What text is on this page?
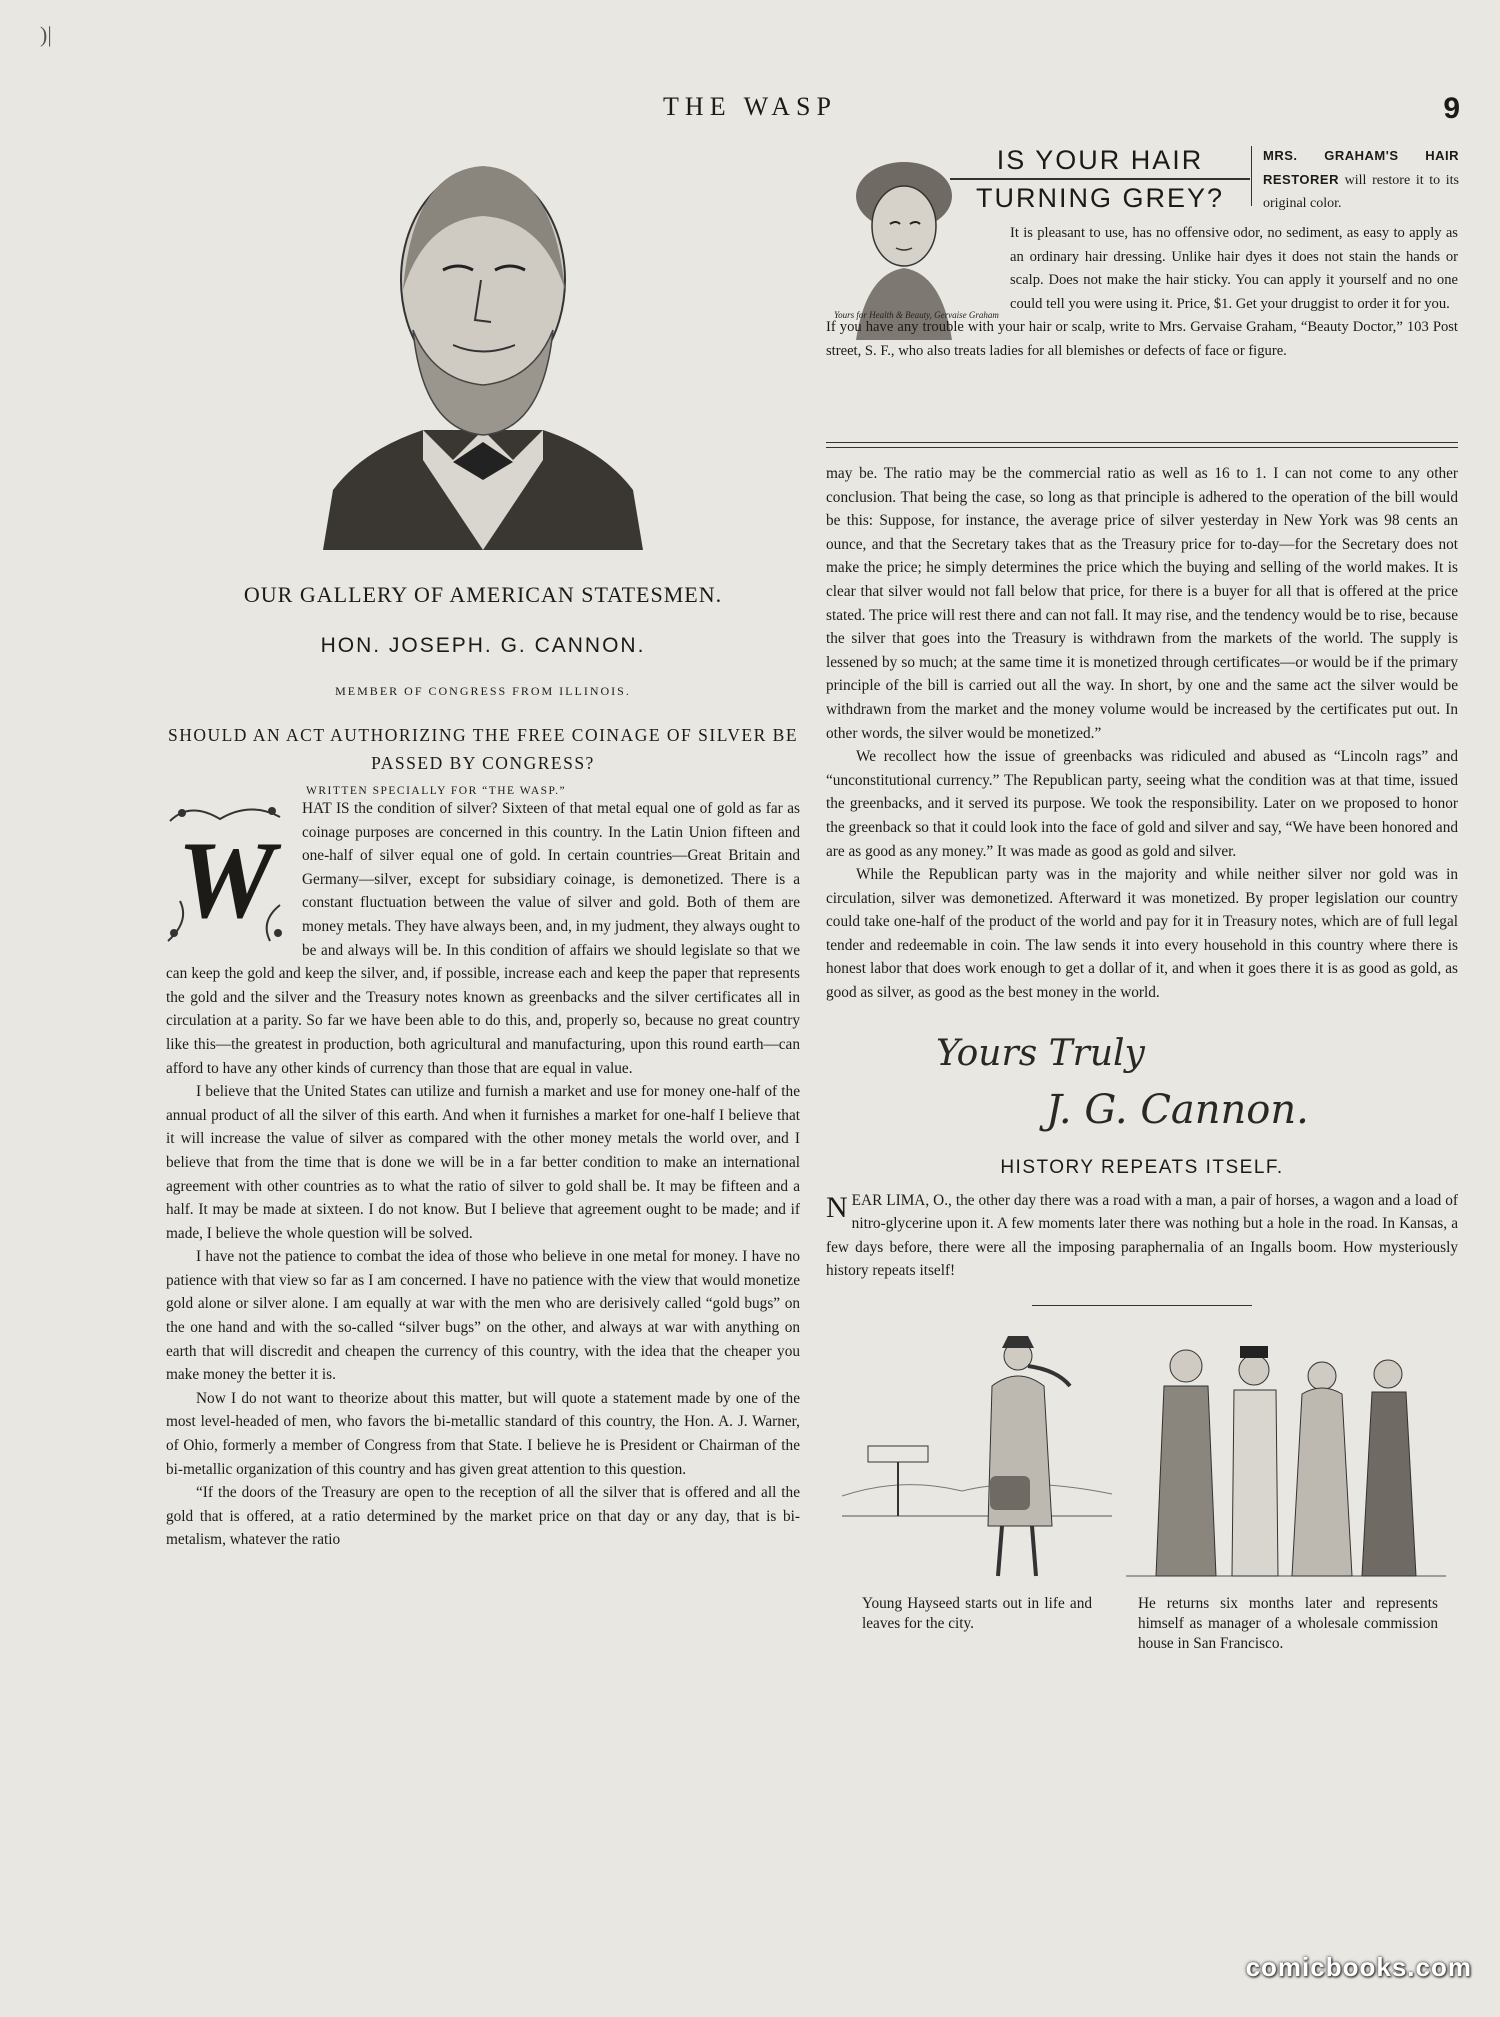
)|
THE WASP	9
OUR GALLERY OF AMERICAN STATESMEN.
HON. JOSEPH. G. CANNON.
MEMBER OF CONGRESS FROM ILLINOIS.
SHOULD AN ACT AUTHORIZING THE FREE COINAGE OF SILVER BE PASSED BY CONGRESS?
WRITTEN SPECIALLY FOR “THE WASP.”
W

HAT IS the condition of silver? Sixteen of that metal equal one of gold as far as coinage purposes are concerned in this country. In the Latin Union fifteen and one-half of silver equal one of gold. In certain countries—Great Britain and Germany—silver, except for subsidiary coinage, is demonetized. There is a constant fluctuation between the value of silver and gold. Both of them are money metals. They have always been, and, in my judment, they always ought to be and always will be. In this condition of affairs we should legislate so that we can keep the gold and keep the silver, and, if possible, increase each and keep the paper that represents the gold and the silver and the Treasury notes known as greenbacks and the silver certificates all in circulation at a parity. So far we have been able to do this, and, properly so, because no great country like this—the greatest in production, both agricultural and manufacturing, upon this round earth—can afford to have any other kinds of currency than those that are equal in value.

I believe that the United States can utilize and furnish a market and use for money one-half of the annual product of all the silver of this earth. And when it furnishes a market for one-half I believe that it will increase the value of silver as compared with the other money metals the world over, and I believe that from the time that is done we will be in a far better condition to make an international agreement with other countries as to what the ratio of silver to gold shall be. It may be fifteen and a half. It may be made at sixteen. I do not know. But I believe that agreement ought to be made; and if made, I believe the whole question will be solved.

I have not the patience to combat the idea of those who believe in one metal for money. I have no patience with that view so far as I am concerned. I have no patience with the view that would monetize gold alone or silver alone. I am equally at war with the men who are derisively called “gold bugs” on the one hand and with the so-called “silver bugs” on the other, and always at war with anything on earth that will discredit and cheapen the currency of this country, with the idea that the cheaper you make money the better it is.

Now I do not want to theorize about this matter, but will quote a statement made by one of the most level-headed of men, who favors the bi-metallic standard of this country, the Hon. A. J. Warner, of Ohio, formerly a member of Congress from that State. I believe he is President or Chairman of the bi-metallic organization of this country and has given great attention to this question.

“If the doors of the Treasury are open to the reception of all the silver that is offered and all the gold that is offered, at a ratio determined by the market price on that day or any day, that is bi-metalism, whatever the ratio

Yours for Health & Beauty, Gervaise Graham
IS YOUR HAIR
TURNING GREY?
MRS. GRAHAM'S HAIR RESTORER will restore it to its original color.
It is pleasant to use, has no offensive odor, no sediment, as easy to apply as an ordinary hair dressing. Unlike hair dyes it does not stain the hands or scalp. Does not make the hair sticky. You can apply it yourself and no one could tell you were using it. Price, $1. Get your druggist to order it for you.
If you have any trouble with your hair or scalp, write to Mrs. Gervaise Graham, “Beauty Doctor,” 103 Post street, S. F., who also treats ladies for all blemishes or defects of face or figure.

may be. The ratio may be the commercial ratio as well as 16 to 1. I can not come to any other conclusion. That being the case, so long as that principle is adhered to the operation of the bill would be this: Suppose, for instance, the average price of silver yesterday in New York was 98 cents an ounce, and that the Secretary takes that as the Treasury price for to-day—for the Secretary does not make the price; he simply determines the price which the buying and selling of the world makes. It is clear that silver would not fall below that price, for there is a buyer for all that is offered at the price stated. The price will rest there and can not fall. It may rise, and the tendency would be to rise, because the silver that goes into the Treasury is withdrawn from the markets of the world. The supply is lessened by so much; at the same time it is monetized through certificates—or would be if the primary principle of the bill is carried out all the way. In short, by one and the same act the silver would be withdrawn from the market and the money volume would be increased by the certificates put out. In other words, the silver would be monetized.”

We recollect how the issue of greenbacks was ridiculed and abused as “Lincoln rags” and “unconstitutional currency.” The Republican party, seeing what the condition was at that time, issued the greenbacks, and it served its purpose. We took the responsibility. Later on we proposed to honor the greenback so that it could look into the face of gold and silver and say, “We have been honored and are as good as any money.” It was made as good as gold and silver.

While the Republican party was in the majority and while neither silver nor gold was in circulation, silver was demonetized. Afterward it was monetized. By proper legislation our country could take one-half of the product of the world and pay for it in Treasury notes, which are of full legal tender and redeemable in coin. The law sends it into every household in this country where there is honest labor that does work enough to get a dollar of it, and when it goes there it is as good as gold, as good as silver, as good as the best money in the world.

Yours Truly
J. G. Cannon.
HISTORY REPEATS ITSELF.

NEAR LIMA, O., the other day there was a road with a man, a pair of horses, a wagon and a load of nitro-glycerine upon it. A few moments later there was nothing but a hole in the road. In Kansas, a few days before, there were all the imposing paraphernalia of an Ingalls boom. How mysteriously history repeats itself!

Young Hayseed starts out in life and leaves for the city.
He returns six months later and represents himself as manager of a wholesale commission house in San Francisco.
comicbooks.com
